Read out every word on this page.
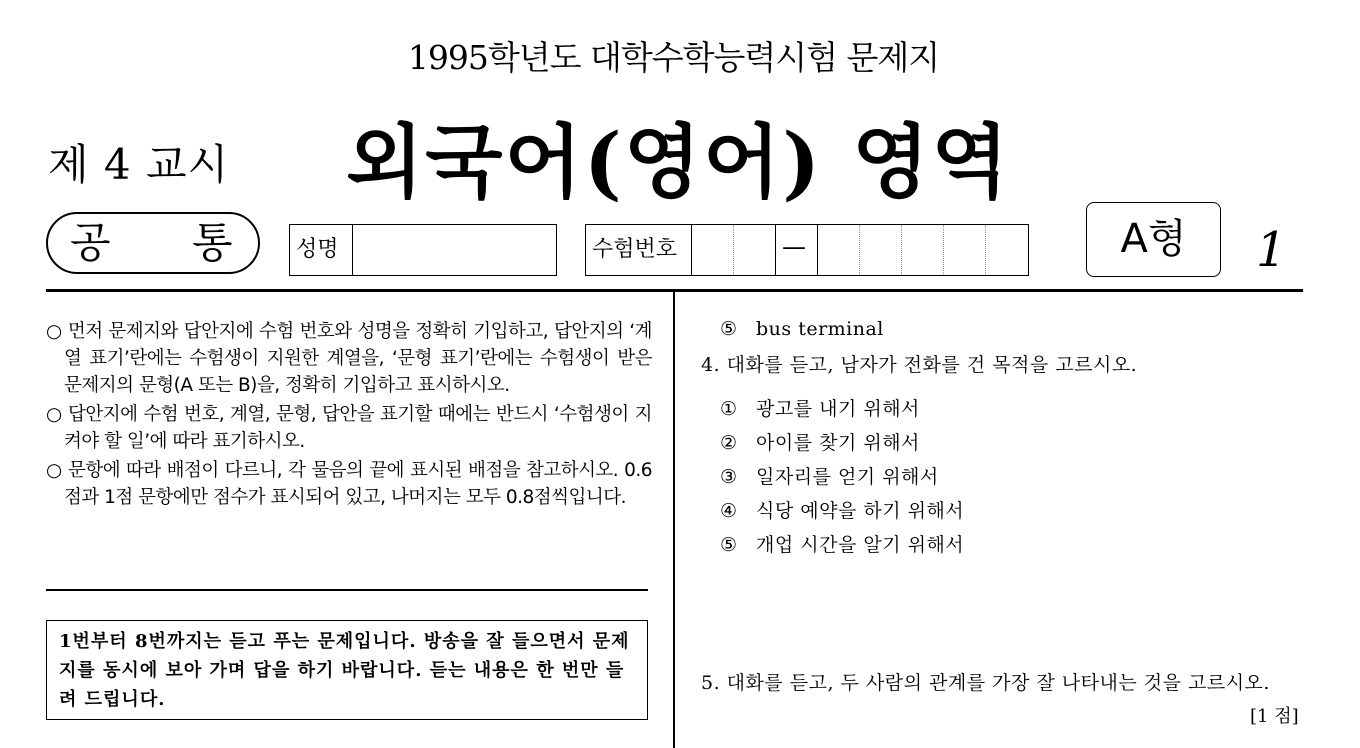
1995학년도 대학수학능력시험 문제지
제 4 교시 외국어(영어) 영역
공 통	성명	수험번호	—	A형	1

○ 먼저 문제지와 답안지에 수험 번호와 성명을 정확히 기입하고, 답안지의 ‘계열 표기’란에는 수험생이 지원한 계열을, ‘문형 표기’란에는 수험생이 받은 문제지의 문형(A 또는 B)을, 정확히 기입하고 표시하시오.

○ 답안지에 수험 번호, 계열, 문형, 답안을 표기할 때에는 반드시 ‘수험생이 지켜야 할 일’에 따라 표기하시오.

○ 문항에 따라 배점이 다르니, 각 물음의 끝에 표시된 배점을 참고하시오. 0.6점과 1점 문항에만 점수가 표시되어 있고, 나머지는 모두 0.8점씩입니다.

1번부터 8번까지는 듣고 푸는 문제입니다. 방송을 잘 들으면서 문제지를 동시에 보아 가며 답을 하기 바랍니다. 듣는 내용은 한 번만 들려 드립니다.
⑤ bus terminal
4. 대화를 듣고, 남자가 전화를 건 목적을 고르시오.
① 광고를 내기 위해서
② 아이를 찾기 위해서
③ 일자리를 얻기 위해서
④ 식당 예약을 하기 위해서
⑤ 개업 시간을 알기 위해서
5. 대화를 듣고, 두 사람의 관계를 가장 잘 나타내는 것을 고르시오.
[1 점]
